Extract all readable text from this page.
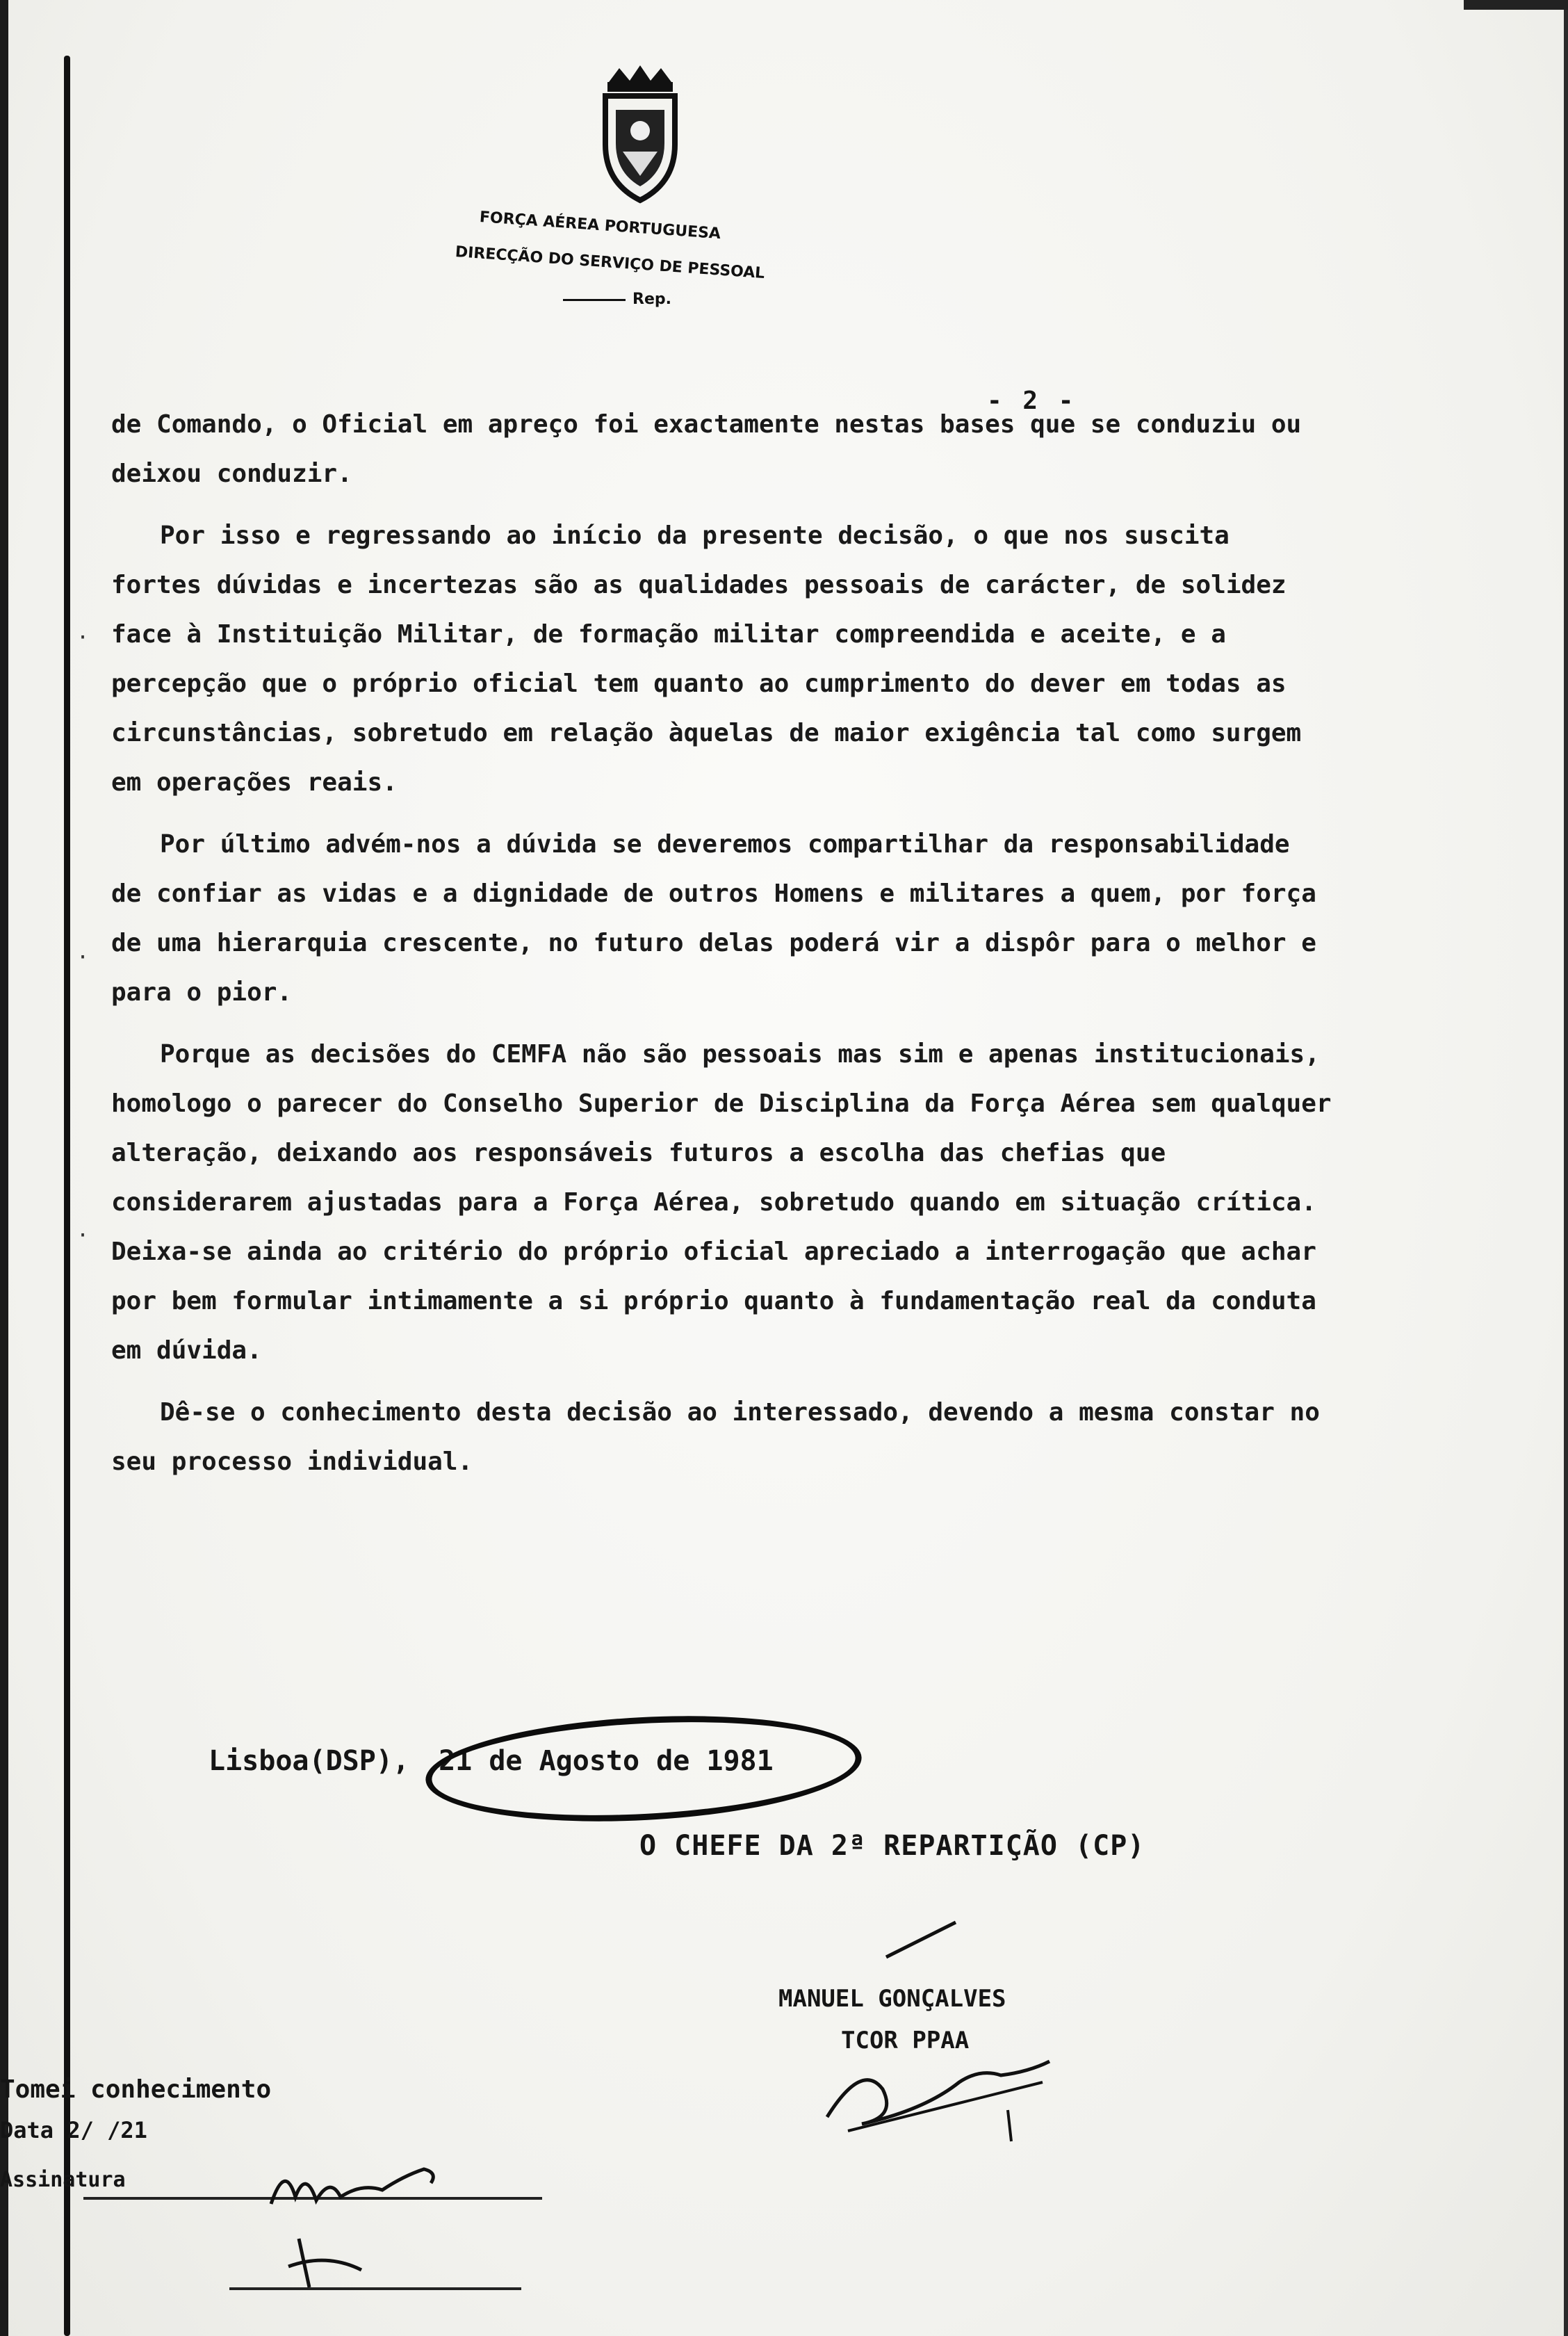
FORÇA AÉREA PORTUGUESA
DIRECÇÃO DO SERVIÇO DE PESSOAL
Rep.
- 2 -

de Comando, o Oficial em apreço foi exactamente nestas bases que se conduziu ou deixou conduzir.

Por isso e regressando ao início da presente decisão, o que nos suscita fortes dúvidas e incertezas são as qualidades pessoais de carácter, de solidez face à Instituição Militar, de formação militar compreendida e aceite, e a percepção que o próprio oficial tem quanto ao cumprimento do dever em todas as circunstâncias, sobretudo em relação àquelas de maior exigência tal como surgem em operações reais.

Por último advém-nos a dúvida se deveremos compartilhar da responsabilidade de confiar as vidas e a dignidade de outros Homens e militares a quem, por força de uma hierarquia crescente, no futuro delas poderá vir a dispôr para o melhor e para o pior.

Porque as decisões do CEMFA não são pessoais mas sim e apenas institucionais, homologo o parecer do Conselho Superior de Disciplina da Força Aérea sem qualquer alteração, deixando aos responsáveis futuros a escolha das chefias que considerarem ajustadas para a Força Aérea, sobretudo quando em situação crítica. Deixa-se ainda ao critério do próprio oficial apreciado a interrogação que achar por bem formular intimamente a si próprio quanto à fundamentação real da conduta em dúvida.

Dê-se o conhecimento desta decisão ao interessado, devendo a mesma constar no seu processo individual.

Lisboa(DSP), 21 de Agosto de 1981
O CHEFE DA 2ª REPARTIÇÃO (CP)
MANUEL GONÇALVES
TCOR PPAA
Tomei conhecimento
Data 2/ /21
Assinatura
·
·
·
